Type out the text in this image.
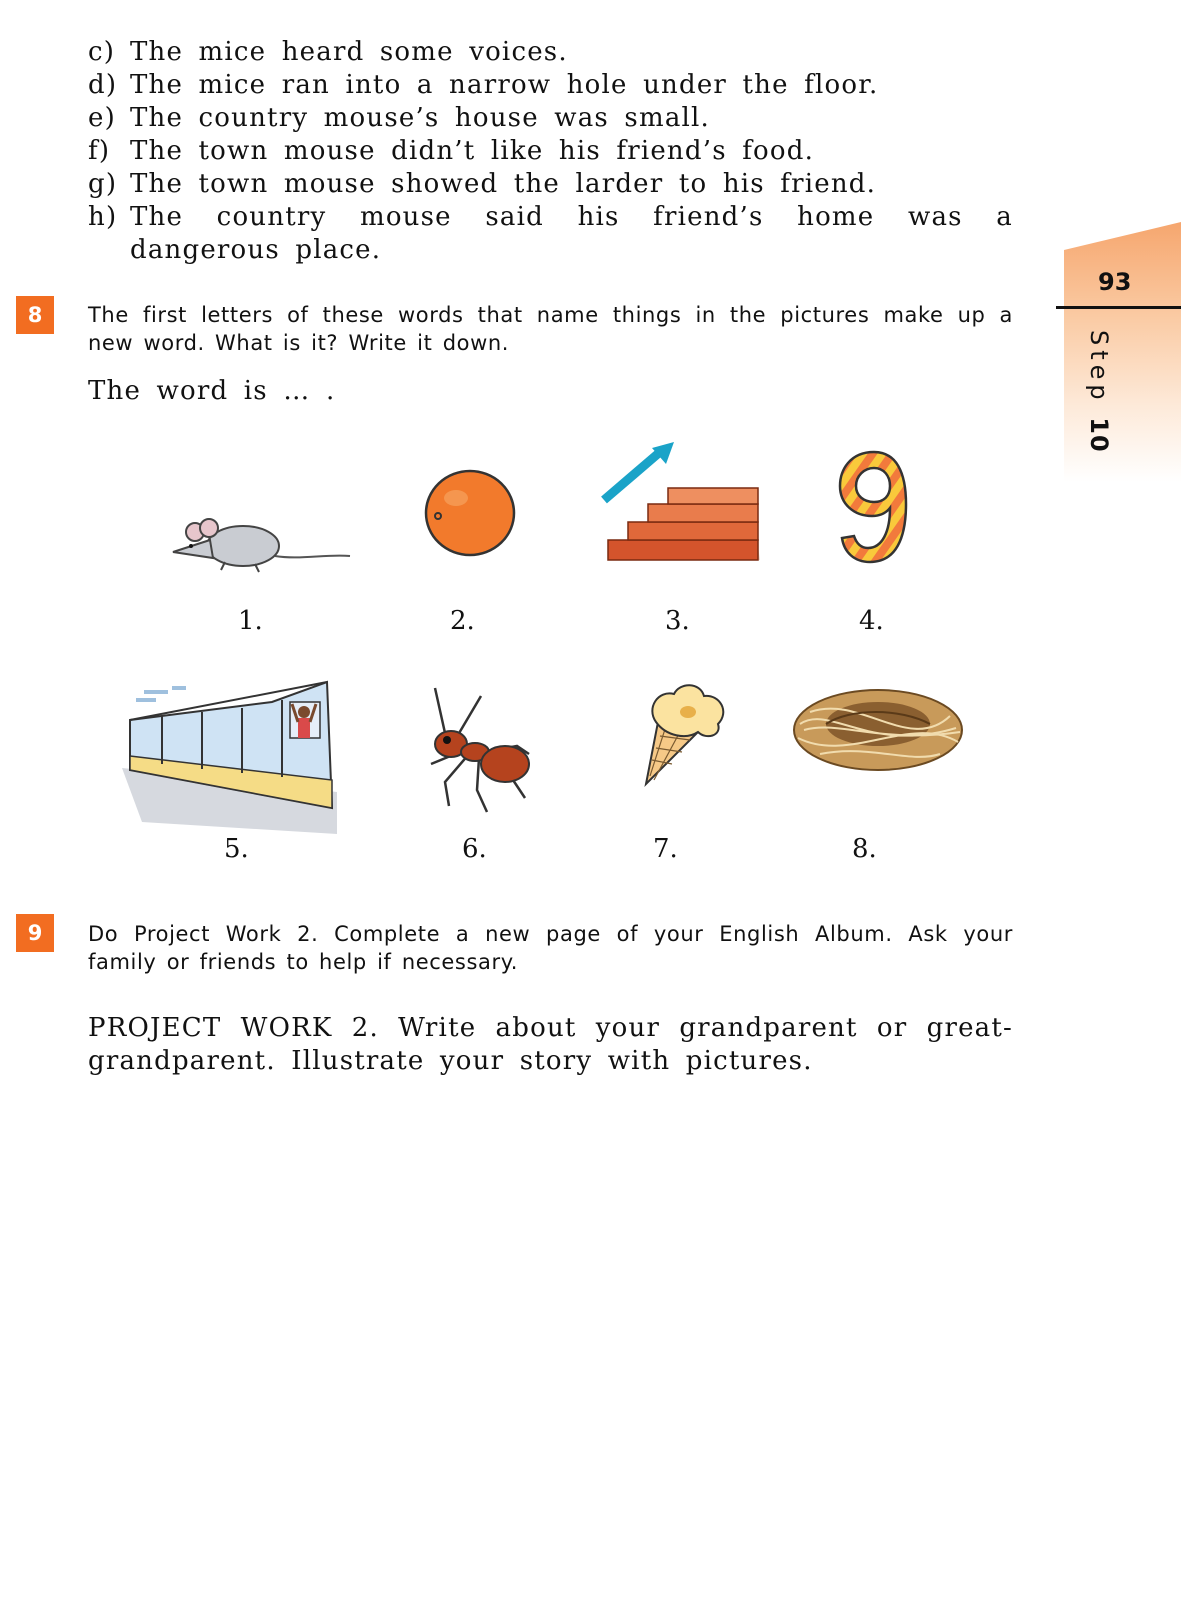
c) The mice heard some voices.
d) The mice ran into a narrow hole under the floor.
e) The country mouse’s house was small.
f) The town mouse didn’t like his friend’s food.
g) The town mouse showed the larder to his friend.
h) The country mouse said his friend’s home was a dangerous place.
93
Step 10
8	The first letters of these words that name things in the pictures make up a new word. What is it? Write it down.
The word is … .
1.	2.	3.	4.
5.	6.	7.	8.
9	Do Project Work 2. Complete a new page of your English Album. Ask your family or friends to help if necessary.
PROJECT WORK 2. Write about your grandparent or great-grandparent. Illustrate your story with pictures.
